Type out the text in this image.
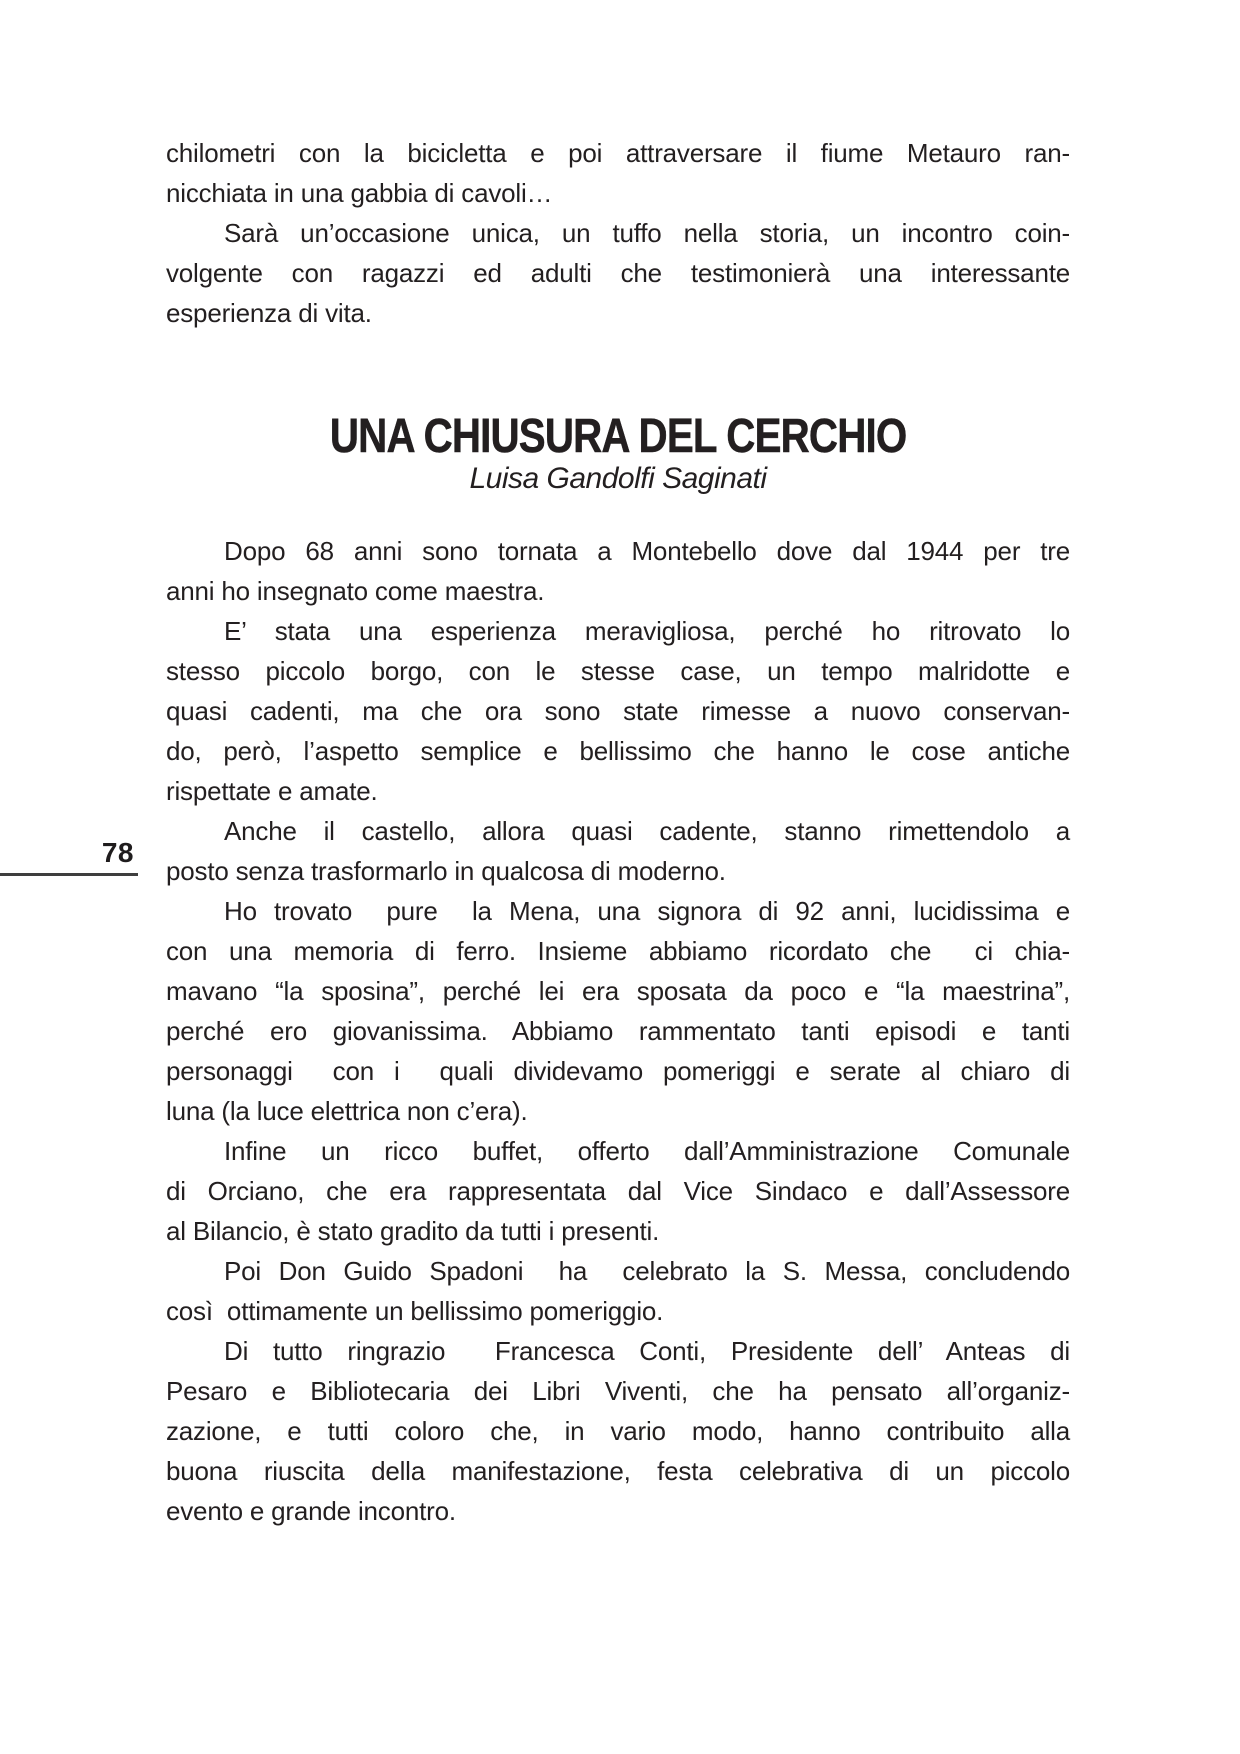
78
chilometri con la bicicletta e poi attraversare il fiume Metauro ran-
nicchiata in una gabbia di cavoli…
Sarà un’occasione unica, un tuffo nella storia, un incontro coin-
volgente con ragazzi ed adulti che testimonierà una interessante
esperienza di vita.
UNA CHIUSURA DEL CERCHIO
Luisa Gandolfi Saginati
Dopo 68 anni sono tornata a Montebello dove dal 1944 per tre
anni ho insegnato come maestra.
E’ stata una esperienza meravigliosa, perché ho ritrovato lo
stesso piccolo borgo, con le stesse case, un tempo malridotte e
quasi cadenti, ma che ora sono state rimesse a nuovo conservan-
do, però, l’aspetto semplice e bellissimo che hanno le cose antiche
rispettate e amate.
Anche il castello, allora quasi cadente, stanno rimettendolo a
posto senza trasformarlo in qualcosa di moderno.
Ho trovato  pure  la Mena, una signora di 92 anni, lucidissima e
con una memoria di ferro. Insieme abbiamo ricordato che  ci chia-
mavano “la sposina”, perché lei era sposata da poco e “la maestrina”,
perché ero giovanissima. Abbiamo rammentato tanti episodi e tanti
personaggi  con i  quali dividevamo pomeriggi e serate al chiaro di
luna (la luce elettrica non c’era).
Infine un ricco buffet, offerto dall’Amministrazione Comunale
di Orciano, che era rappresentata dal Vice Sindaco e dall’Assessore
al Bilancio, è stato gradito da tutti i presenti.
Poi Don Guido Spadoni  ha  celebrato la S. Messa, concludendo
così  ottimamente un bellissimo pomeriggio.
Di tutto ringrazio  Francesca Conti, Presidente dell’ Anteas di
Pesaro e Bibliotecaria dei Libri Viventi, che ha pensato all’organiz-
zazione, e tutti coloro che, in vario modo, hanno contribuito alla
buona riuscita della manifestazione, festa celebrativa di un piccolo
evento e grande incontro.
